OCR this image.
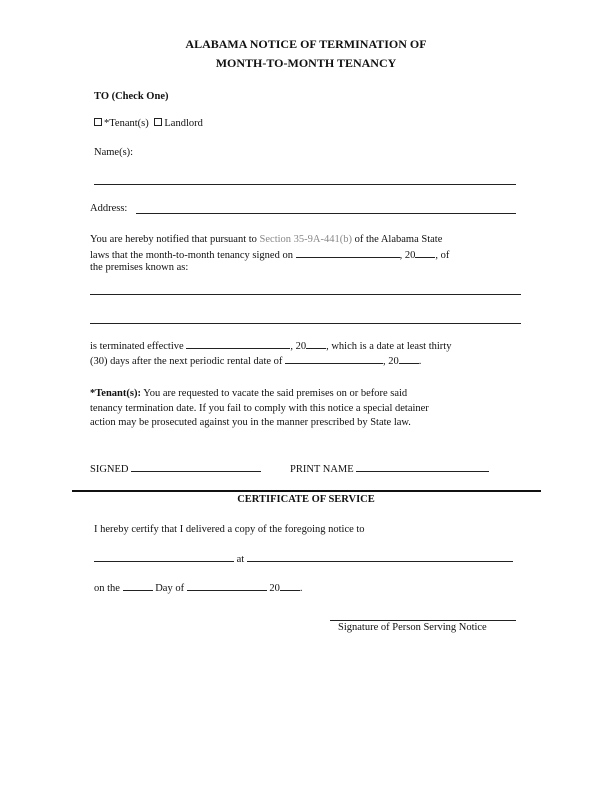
ALABAMA NOTICE OF TERMINATION OF
MONTH-TO-MONTH TENANCY
TO (Check One)
*Tenant(s) Landlord
Name(s):
Address:
You are hereby notified that pursuant to Section 35-9A-441(b) of the Alabama State
laws that the month-to-month tenancy signed on	, 20 , of
the premises known as:
is terminated effective	, 20 , which is a date at least thirty
(30) days after the next periodic rental date of	, 20 .
*Tenant(s): You are requested to vacate the said premises on or before said
tenancy termination date. If you fail to comply with this notice a special detainer
action may be prosecuted against you in the manner prescribed by State law.
SIGNED	PRINT NAME
CERTIFICATE OF SERVICE
I hereby certify that I delivered a copy of the foregoing notice to
at
on the	Day of	20 .
Signature of Person Serving Notice
